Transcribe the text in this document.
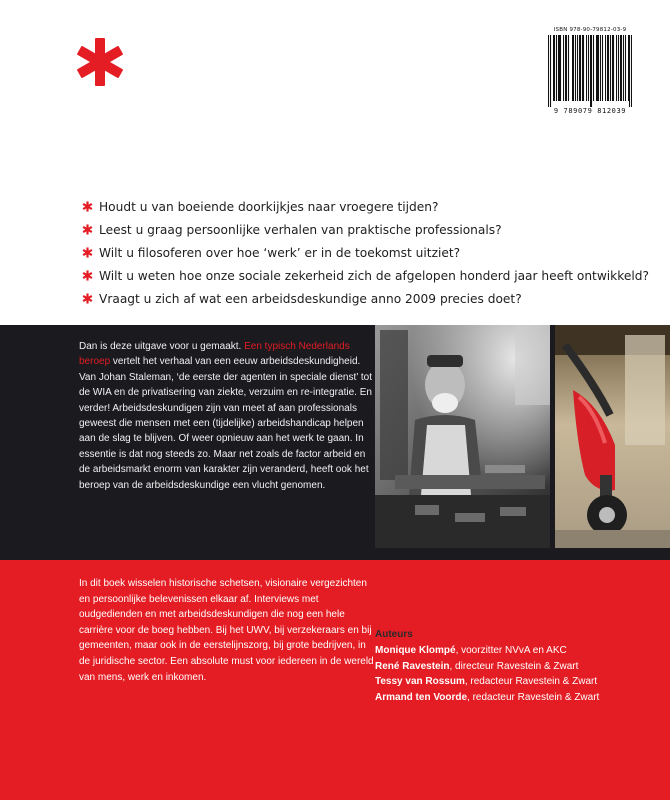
ISBN 978-90-79812-03-9
9 789079 812039
Houdt u van boeiende doorkijkjes naar vroegere tijden?
Leest u graag persoonlijke verhalen van praktische professionals?
Wilt u filosoferen over hoe ‘werk’ er in de toekomst uitziet?
Wilt u weten hoe onze sociale zekerheid zich de afgelopen honderd jaar heeft ontwikkeld?
Vraagt u zich af wat een arbeidsdeskundige anno 2009 precies doet?

Dan is deze uitgave voor u gemaakt. Een typisch Nederlands beroep vertelt het verhaal van een eeuw arbeidsdeskundigheid. Van Johan Staleman, ‘de eerste der agenten in speciale dienst’ tot de WIA en de privatisering van ziekte, verzuim en re-integratie. En verder! Arbeidsdeskundigen zijn van meet af aan professionals geweest die mensen met een (tijdelijke) arbeidshandicap helpen aan de slag te blijven. Of weer opnieuw aan het werk te gaan. In essentie is dat nog steeds zo. Maar net zoals de factor arbeid en de arbeidsmarkt enorm van karakter zijn veranderd, heeft ook het beroep van de arbeidsdeskundige een vlucht genomen.

In dit boek wisselen historische schetsen, visionaire vergezichten en persoonlijke belevenissen elkaar af. Interviews met oudgedienden en met arbeidsdeskundigen die nog een hele carrière voor de boeg hebben. Bij het UWV, bij verzekeraars en bij gemeenten, maar ook in de eerstelijnszorg, bij grote bedrijven, in de juridische sector. Een absolute must voor iedereen in de wereld van mens, werk en inkomen.

Auteurs
Monique Klompé, voorzitter NVvA en AKC
René Ravestein, directeur Ravestein & Zwart
Tessy van Rossum, redacteur Ravestein & Zwart
Armand ten Voorde, redacteur Ravestein & Zwart
